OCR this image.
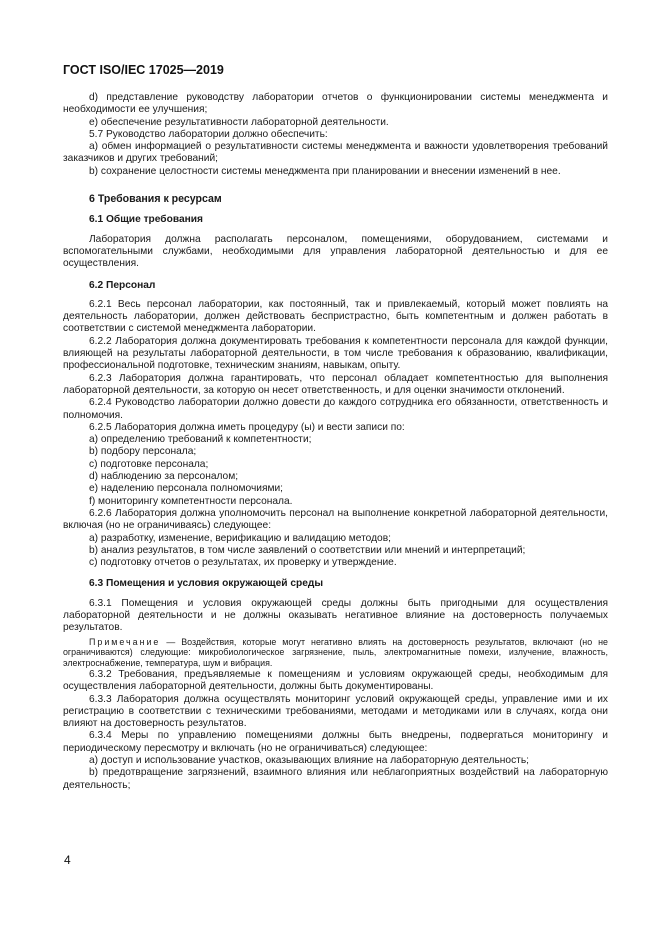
ГОСТ ISO/IEC 17025—2019

d) представление руководству лаборатории отчетов о функционировании системы менеджмента и необходимости ее улучшения;

e) обеспечение результативности лабораторной деятельности.

5.7 Руководство лаборатории должно обеспечить:

a) обмен информацией о результативности системы менеджмента и важности удовлетворения требований заказчиков и других требований;

b) сохранение целостности системы менеджмента при планировании и внесении изменений в нее.

6 Требования к ресурсам
6.1 Общие требования

Лаборатория должна располагать персоналом, помещениями, оборудованием, системами и вспомогательными службами, необходимыми для управления лабораторной деятельностью и для ее осуществления.

6.2 Персонал

6.2.1 Весь персонал лаборатории, как постоянный, так и привлекаемый, который может повлиять на деятельность лаборатории, должен действовать беспристрастно, быть компетентным и должен работать в соответствии с системой менеджмента лаборатории.

6.2.2 Лаборатория должна документировать требования к компетентности персонала для каждой функции, влияющей на результаты лабораторной деятельности, в том числе требования к образованию, квалификации, профессиональной подготовке, техническим знаниям, навыкам, опыту.

6.2.3 Лаборатория должна гарантировать, что персонал обладает компетентностью для выполнения лабораторной деятельности, за которую он несет ответственность, и для оценки значимости отклонений.

6.2.4 Руководство лаборатории должно довести до каждого сотрудника его обязанности, ответственность и полномочия.

6.2.5 Лаборатория должна иметь процедуру (ы) и вести записи по:

a) определению требований к компетентности;

b) подбору персонала;

c) подготовке персонала;

d) наблюдению за персоналом;

e) наделению персонала полномочиями;

f) мониторингу компетентности персонала.

6.2.6 Лаборатория должна уполномочить персонал на выполнение конкретной лабораторной деятельности, включая (но не ограничиваясь) следующее:

a) разработку, изменение, верификацию и валидацию методов;

b) анализ результатов, в том числе заявлений о соответствии или мнений и интерпретаций;

c) подготовку отчетов о результатах, их проверку и утверждение.

6.3 Помещения и условия окружающей среды

6.3.1 Помещения и условия окружающей среды должны быть пригодными для осуществления лабораторной деятельности и не должны оказывать негативное влияние на достоверность получаемых результатов.

Примечание — Воздействия, которые могут негативно влиять на достоверность результатов, включают (но не ограничиваются) следующие: микробиологическое загрязнение, пыль, электромагнитные помехи, излучение, влажность, электроснабжение, температура, шум и вибрация.

6.3.2 Требования, предъявляемые к помещениям и условиям окружающей среды, необходимым для осуществления лабораторной деятельности, должны быть документированы.

6.3.3 Лаборатория должна осуществлять мониторинг условий окружающей среды, управление ими и их регистрацию в соответствии с техническими требованиями, методами и методиками или в случаях, когда они влияют на достоверность результатов.

6.3.4 Меры по управлению помещениями должны быть внедрены, подвергаться мониторингу и периодическому пересмотру и включать (но не ограничиваться) следующее:

a) доступ и использование участков, оказывающих влияние на лабораторную деятельность;

b) предотвращение загрязнений, взаимного влияния или неблагоприятных воздействий на лабораторную деятельность;

4
